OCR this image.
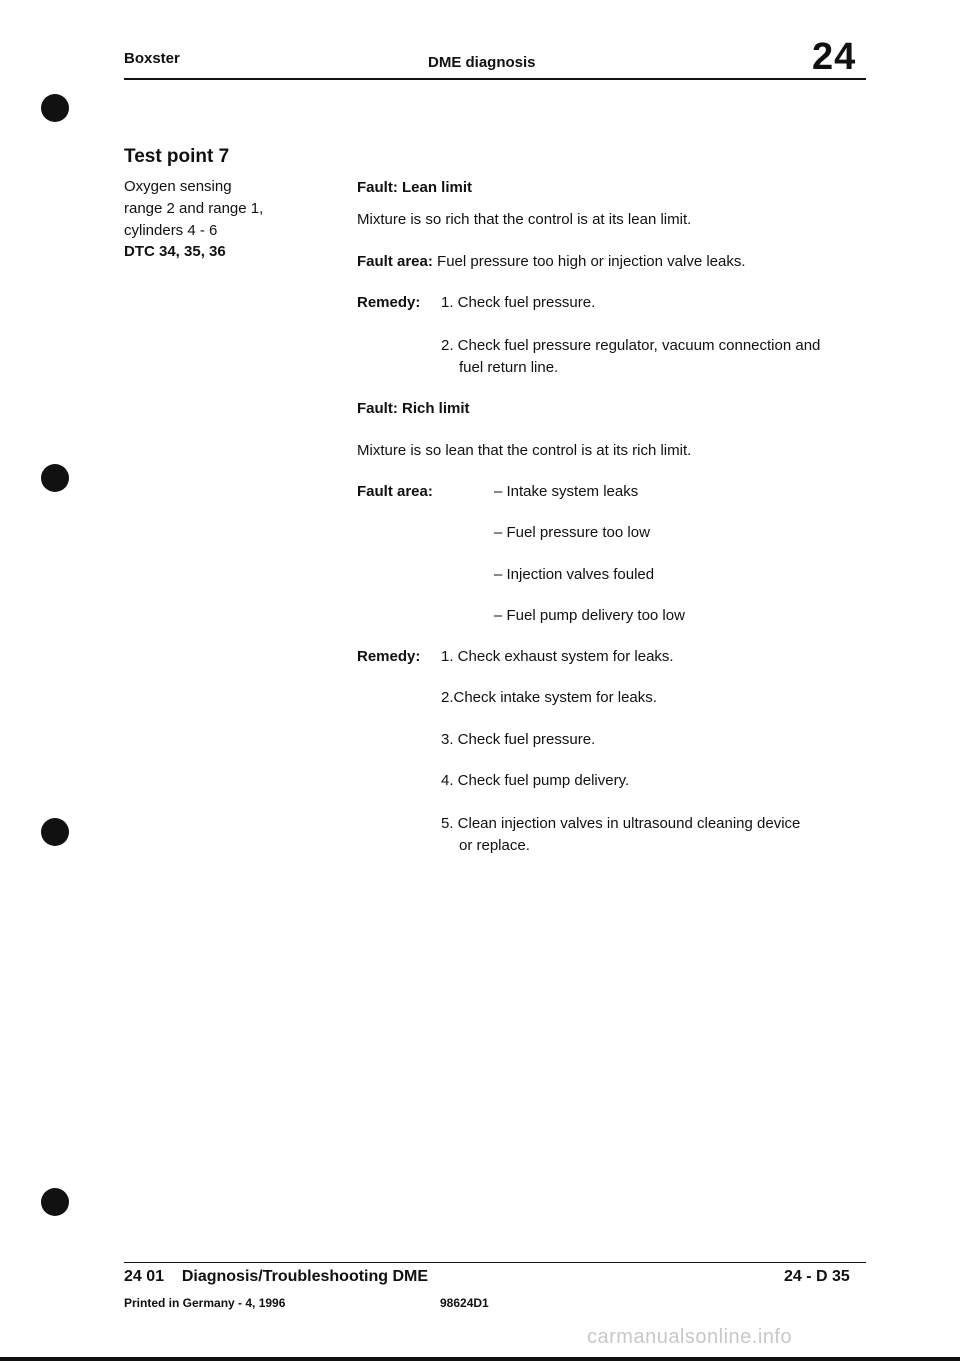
Boxster	DME diagnosis	24
Test point 7
Oxygen sensing
range 2 and range 1,
cylinders 4 - 6
DTC 34, 35, 36
Fault: Lean limit
Mixture is so rich that the control is at its lean limit.
Fault area: Fuel pressure too high or injection valve leaks.
Remedy: 1. Check fuel pressure.
2. Check fuel pressure regulator, vacuum connection and
fuel return line.
Fault: Rich limit
Mixture is so lean that the control is at its rich limit.
Fault area:	– Intake system leaks
– Fuel pressure too low
– Injection valves fouled
– Fuel pump delivery too low
Remedy: 1. Check exhaust system for leaks.
2.Check intake system for leaks.
3. Check fuel pressure.
4. Check fuel pump delivery.
5. Clean injection valves in ultrasound cleaning device
or replace.
24 01    Diagnosis/Troubleshooting DME	24 - D 35
Printed in Germany - 4, 1996	98624D1
carmanualsonline.info
